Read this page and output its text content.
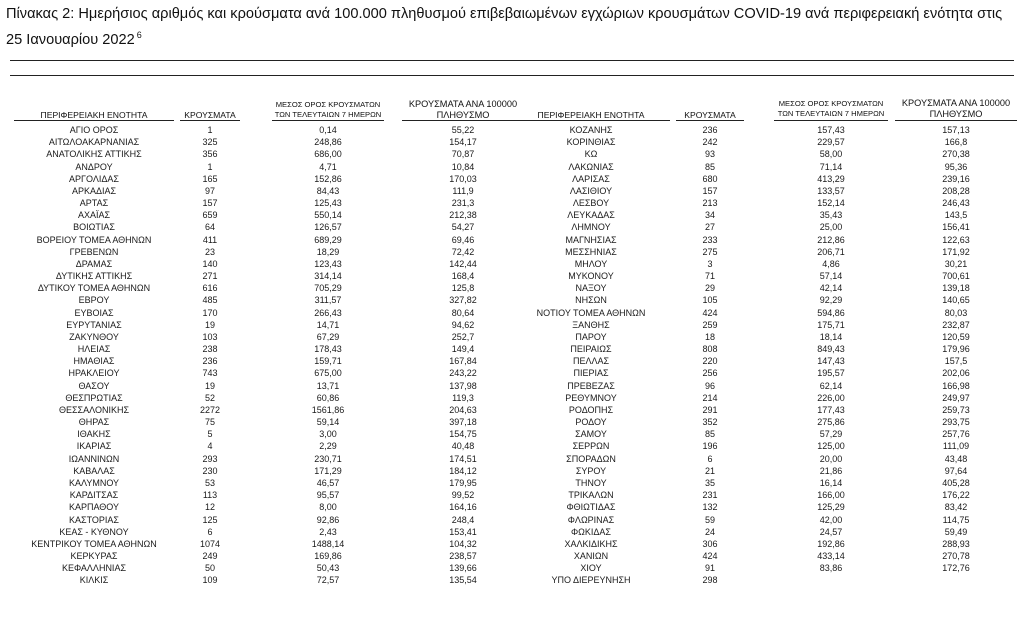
Πίνακας 2: Ημερήσιος αριθμός και κρούσματα ανά 100.000 πληθυσμού επιβεβαιωμένων εγχώριων κρουσμάτων COVID-19 ανά περιφερειακή ενότητα στις 25 Ιανουαρίου 2022 $^6$
ΠΕΡΙΦΕΡΕΙΑΚΗ ΕΝΟΤΗΤΑ	ΚΡΟΥΣΜΑΤΑ
ΜΕΣΟΣ ΟΡΟΣ ΚΡΟΥΣΜΑΤΩΝ
ΤΩΝ ΤΕΛΕΥΤΑΙΩΝ 7 ΗΜΕΡΩΝ
ΚΡΟΥΣΜΑΤΑ ΑΝΑ 100000
ΠΛΗΘΥΣΜΟ	ΠΕΡΙΦΕΡΕΙΑΚΗ ΕΝΟΤΗΤΑ	ΚΡΟΥΣΜΑΤΑ
ΜΕΣΟΣ ΟΡΟΣ ΚΡΟΥΣΜΑΤΩΝ
ΤΩΝ ΤΕΛΕΥΤΑΙΩΝ 7 ΗΜΕΡΩΝ
ΚΡΟΥΣΜΑΤΑ ΑΝΑ 100000
ΠΛΗΘΥΣΜΟ
ΑΓΙΟ ΟΡΟΣ	1	0,14	55,22	ΚΟΖΑΝΗΣ	236	157,43	157,13
ΑΙΤΩΛΟΑΚΑΡΝΑΝΙΑΣ	325	248,86	154,17	ΚΟΡΙΝΘΙΑΣ	242	229,57	166,8
ΑΝΑΤΟΛΙΚΗΣ ΑΤΤΙΚΗΣ	356	686,00	70,87	ΚΩ	93	58,00	270,38
ΑΝΔΡΟΥ	1	4,71	10,84	ΛΑΚΩΝΙΑΣ	85	71,14	95,36
ΑΡΓΟΛΙΔΑΣ	165	152,86	170,03	ΛΑΡΙΣΑΣ	680	413,29	239,16
ΑΡΚΑΔΙΑΣ	97	84,43	111,9	ΛΑΣΙΘΙΟΥ	157	133,57	208,28
ΑΡΤΑΣ	157	125,43	231,3	ΛΕΣΒΟΥ	213	152,14	246,43
ΑΧΑΪΑΣ	659	550,14	212,38	ΛΕΥΚΑΔΑΣ	34	35,43	143,5
ΒΟΙΩΤΙΑΣ	64	126,57	54,27	ΛΗΜΝΟΥ	27	25,00	156,41
ΒΟΡΕΙΟΥ ΤΟΜΕΑ ΑΘΗΝΩΝ	411	689,29	69,46	ΜΑΓΝΗΣΙΑΣ	233	212,86	122,63
ΓΡΕΒΕΝΩΝ	23	18,29	72,42	ΜΕΣΣΗΝΙΑΣ	275	206,71	171,92
ΔΡΑΜΑΣ	140	123,43	142,44	ΜΗΛΟΥ	3	4,86	30,21
ΔΥΤΙΚΗΣ ΑΤΤΙΚΗΣ	271	314,14	168,4	ΜΥΚΟΝΟΥ	71	57,14	700,61
ΔΥΤΙΚΟΥ ΤΟΜΕΑ ΑΘΗΝΩΝ	616	705,29	125,8	ΝΑΞΟΥ	29	42,14	139,18
ΕΒΡΟΥ	485	311,57	327,82	ΝΗΣΩΝ	105	92,29	140,65
ΕΥΒΟΙΑΣ	170	266,43	80,64	ΝΟΤΙΟΥ ΤΟΜΕΑ ΑΘΗΝΩΝ	424	594,86	80,03
ΕΥΡΥΤΑΝΙΑΣ	19	14,71	94,62	ΞΑΝΘΗΣ	259	175,71	232,87
ΖΑΚΥΝΘΟΥ	103	67,29	252,7	ΠΑΡΟΥ	18	18,14	120,59
ΗΛΕΙΑΣ	238	178,43	149,4	ΠΕΙΡΑΙΩΣ	808	849,43	179,96
ΗΜΑΘΙΑΣ	236	159,71	167,84	ΠΕΛΛΑΣ	220	147,43	157,5
ΗΡΑΚΛΕΙΟΥ	743	675,00	243,22	ΠΙΕΡΙΑΣ	256	195,57	202,06
ΘΑΣΟΥ	19	13,71	137,98	ΠΡΕΒΕΖΑΣ	96	62,14	166,98
ΘΕΣΠΡΩΤΙΑΣ	52	60,86	119,3	ΡΕΘΥΜΝΟΥ	214	226,00	249,97
ΘΕΣΣΑΛΟΝΙΚΗΣ	2272	1561,86	204,63	ΡΟΔΟΠΗΣ	291	177,43	259,73
ΘΗΡΑΣ	75	59,14	397,18	ΡΟΔΟΥ	352	275,86	293,75
ΙΘΑΚΗΣ	5	3,00	154,75	ΣΑΜΟΥ	85	57,29	257,76
ΙΚΑΡΙΑΣ	4	2,29	40,48	ΣΕΡΡΩΝ	196	125,00	111,09
ΙΩΑΝΝΙΝΩΝ	293	230,71	174,51	ΣΠΟΡΑΔΩΝ	6	20,00	43,48
ΚΑΒΑΛΑΣ	230	171,29	184,12	ΣΥΡΟΥ	21	21,86	97,64
ΚΑΛΥΜΝΟΥ	53	46,57	179,95	ΤΗΝΟΥ	35	16,14	405,28
ΚΑΡΔΙΤΣΑΣ	113	95,57	99,52	ΤΡΙΚΑΛΩΝ	231	166,00	176,22
ΚΑΡΠΑΘΟΥ	12	8,00	164,16	ΦΘΙΩΤΙΔΑΣ	132	125,29	83,42
ΚΑΣΤΟΡΙΑΣ	125	92,86	248,4	ΦΛΩΡΙΝΑΣ	59	42,00	114,75
ΚΕΑΣ - ΚΥΘΝΟΥ	6	2,43	153,41	ΦΩΚΙΔΑΣ	24	24,57	59,49
ΚΕΝΤΡΙΚΟΥ ΤΟΜΕΑ ΑΘΗΝΩΝ	1074	1488,14	104,32	ΧΑΛΚΙΔΙΚΗΣ	306	192,86	288,93
ΚΕΡΚΥΡΑΣ	249	169,86	238,57	ΧΑΝΙΩΝ	424	433,14	270,78
ΚΕΦΑΛΛΗΝΙΑΣ	50	50,43	139,66	ΧΙΟΥ	91	83,86	172,76
ΚΙΛΚΙΣ	109	72,57	135,54	ΥΠΟ ΔΙΕΡΕΥΝΗΣΗ	298
